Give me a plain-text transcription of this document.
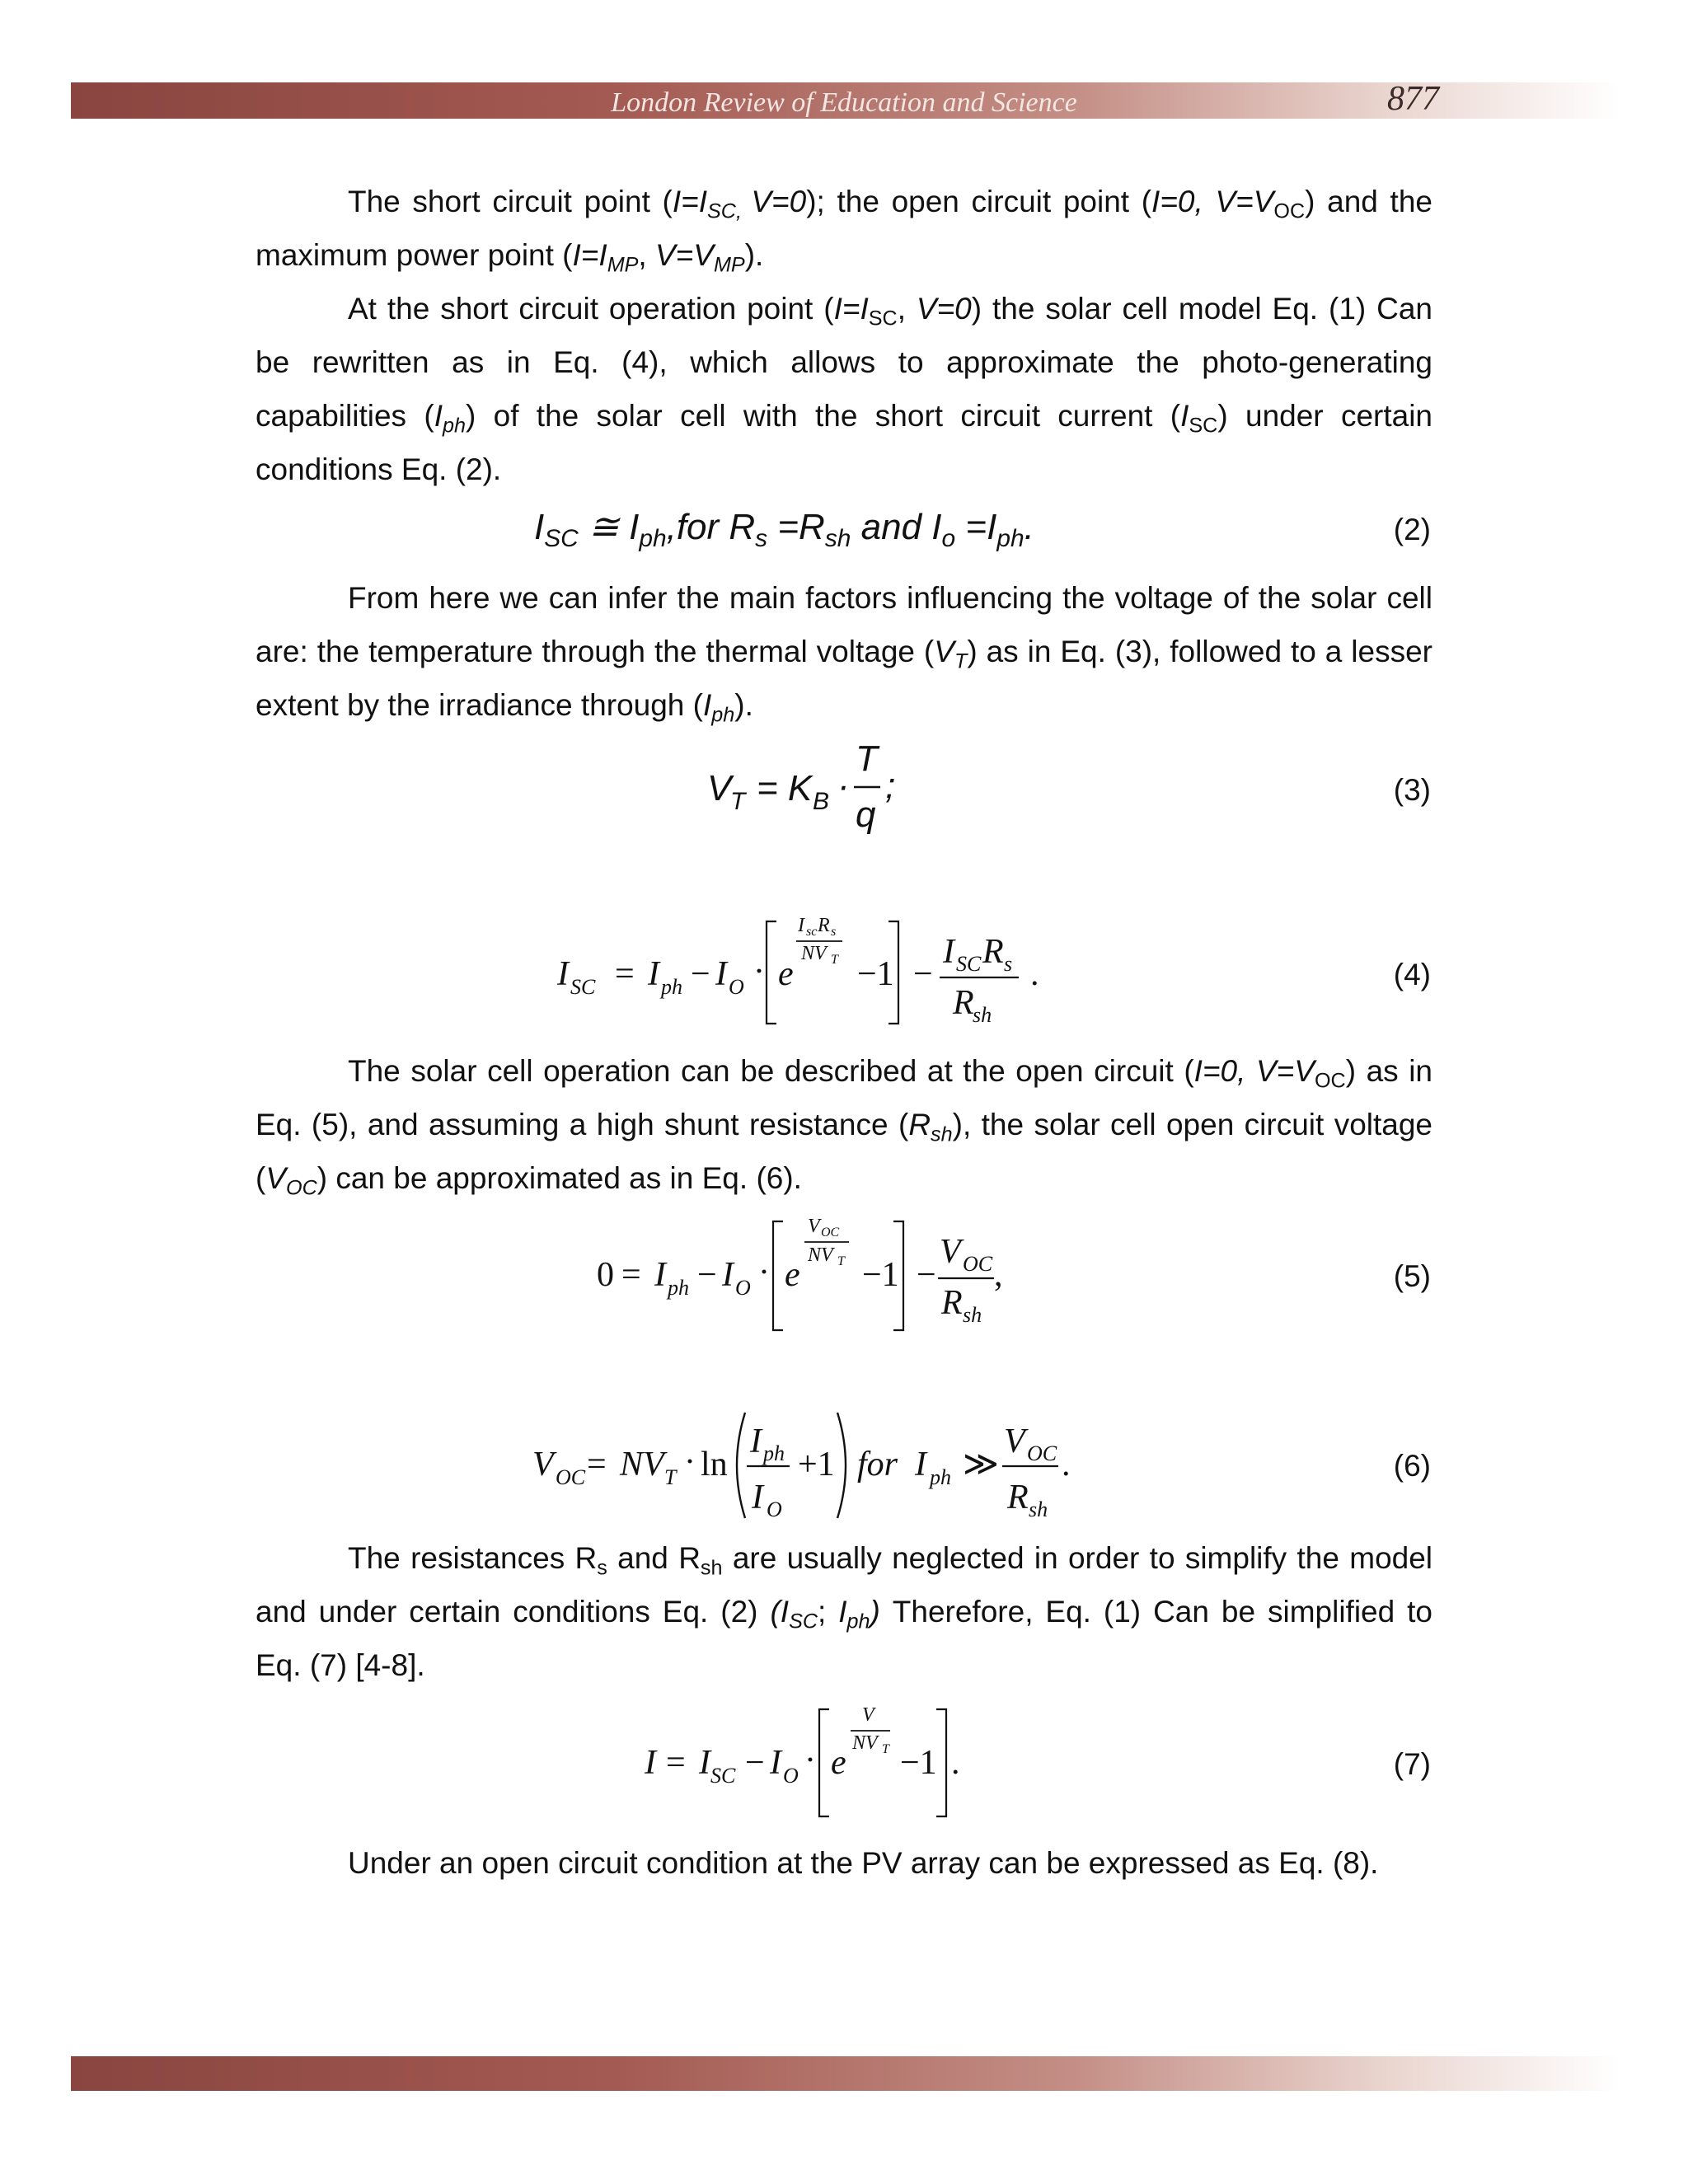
London Review of Education and Science	877
The short circuit point ($I=I_{SC,}$ V=0); the open circuit point (I=0, $V=V_{OC}$) and the maximum power point ($I=I_{MP}$, $V=V_{MP}$).
At the short circuit operation point ($I=I_{SC}$, V=0) the solar cell model Eq. (1) Can be rewritten as in Eq. (4), which allows to approximate the photo-generating capabilities $(I_{ph})$ of the solar cell with the short circuit current $(I_{SC})$ under certain conditions Eq. (2).
$I_{SC}$ ≅ $I_{ph},for$ $R_s =R_{sh}$ and $I_o =I_{ph}$.	(2)
From here we can infer the main factors influencing the voltage of the solar cell are: the temperature through the thermal voltage $(V_T)$ as in Eq. (3), followed to a lesser extent by the irradiance through $(I_{ph})$.
V
T = K B ·
T
q
;	(3)
I SC = I ph − I O · e
I sc R s
NV T −1 −
I SC R s
R
sh
.	(4)
The solar cell operation can be described at the open circuit (I=0, $V=V_{OC}$) as in Eq. (5), and assuming a high shunt resistance $(R_{sh})$, the solar cell open circuit voltage $(V_{OC})$ can be approximated as in Eq. (6).
0 = I ph − I O · e
V OC
NV T −1 −
V OC
R sh
,	(5)
V OC = NV T · ln
I ph
I O
+1 for I ph ≫
V OC
R sh
.	(6)
The resistances $R_s$ and $R_{sh}$ are usually neglected in order to simplify the model and under certain conditions Eq. (2) ($I_{SC}$; $I_{ph}$) Therefore, Eq. (1) Can be simplified to Eq. (7) [4-8].
I = I SC − I O · e
V
NV T −1 .	(7)
Under an open circuit condition at the PV array can be expressed as Eq. (8).
